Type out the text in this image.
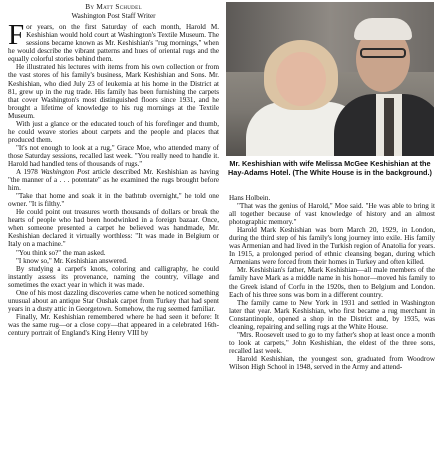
By Matt Schudel
Washington Post Staff Writer

For years, on the first Saturday of each month, Harold M. Keshishian would hold court at Washington's Textile Museum. The sessions became known as Mr. Keshishian's "rug mornings," when he would describe the vibrant patterns and hues of oriental rugs and the equally colorful stories behind them.

He illustrated his lectures with items from his own collection or from the vast stores of his family's business, Mark Keshishian and Sons. Mr. Keshishian, who died July 23 of leukemia at his home in the District at 81, grew up in the rug trade. His family has been furnishing the carpets that cover Washington's most distinguished floors since 1931, and he brought a lifetime of knowledge to his rug mornings at the Textile Museum.

With just a glance or the educated touch of his forefinger and thumb, he could weave stories about carpets and the people and places that produced them.

"It's not enough to look at a rug," Grace Moe, who attended many of those Saturday sessions, recalled last week. "You really need to handle it. Harold had handled tens of thousands of rugs."

A 1978 Washington Post article described Mr. Keshishian as having "the manner of a . . . potentate" as he examined the rugs brought before him.

"Take that home and soak it in the bathtub overnight," he told one owner. "It is filthy."

He could point out treasures worth thousands of dollars or break the hearts of people who had been hoodwinked in a foreign bazaar. Once, when someone presented a carpet he believed was handmade, Mr. Keshishian declared it virtually worthless: "It was made in Belgium or Italy on a machine."

"You think so?" the man asked.

"I know so," Mr. Keshishian answered.

By studying a carpet's knots, coloring and calligraphy, he could instantly assess its provenance, naming the country, village and sometimes the exact year in which it was made.

One of his most dazzling discoveries came when he noticed something unusual about an antique Star Oushak carpet from Turkey that had spent years in a dusty attic in Georgetown. Somehow, the rug seemed familiar.

Finally, Mr. Keshishian remembered where he had seen it before: It was the same rug—or a close copy—that appeared in a celebrated 16th-century portrait of England's King Henry VIII by

Mr. Keshishian with wife Melissa McGee Keshishian at the Hay-Adams Hotel. (The White House is in the background.)

Hans Holbein.

"That was the genius of Harold," Moe said. "He was able to bring it all together because of vast knowledge of history and an almost photographic memory."

Harold Mark Keshishian was born March 20, 1929, in London, during the third step of his family's long journey into exile. His family was Armenian and had lived in the Turkish region of Anatolia for years. In 1915, a prolonged period of ethnic cleansing began, during which Armenians were forced from their homes in Turkey and often killed.

Mr. Keshishian's father, Mark Keshishian—all male members of the family have Mark as a middle name in his honor—moved his family to the Greek island of Corfu in the 1920s, then to Belgium and London. Each of his three sons was born in a different country.

The family came to New York in 1931 and settled in Washington later that year. Mark Keshishian, who first became a rug merchant in Constantinople, opened a shop in the District and, by 1935, was cleaning, repairing and selling rugs at the White House.

"Mrs. Roosevelt used to go to my father's shop at least once a month to look at carpets," John Keshishian, the eldest of the three sons, recalled last week.

Harold Keshishian, the youngest son, graduated from Woodrow Wilson High School in 1948, served in the Army and attend-
